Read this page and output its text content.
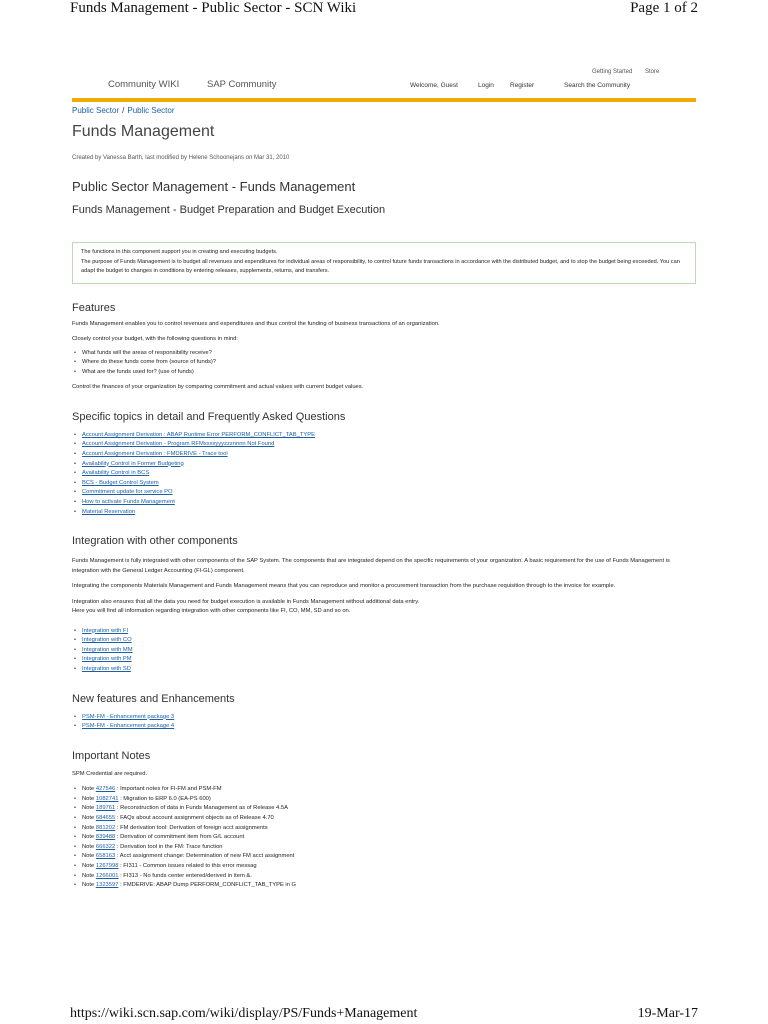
Funds Management - Public Sector - SCN Wiki	Page 1 of 2
Community WIKI	SAP Community
Getting Started Store
Welcome, Guest	Login Register	Search the Community
Public Sector / Public Sector
Funds Management
Created by Vanessa Barth, last modified by Helene Schoonejans on Mar 31, 2010
Public Sector Management - Funds Management
Funds Management - Budget Preparation and Budget Execution
The functions in this component support you in creating and executing budgets.
The purpose of Funds Management is to budget all revenues and expenditures for individual areas of responsibility, to control future funds transactions in accordance with the distributed budget, and to stop the budget being exceeded. You can adapt the budget to changes in conditions by entering releases, supplements, returns, and transfers.
Features

Funds Management enables you to control revenues and expenditures and thus control the funding of business transactions of an organization.

Closely control your budget, with the following questions in mind:

• What funds will the areas of responsibility receive?
• Where do these funds come from (source of funds)?
• What are the funds used for? (use of funds)

Control the finances of your organization by comparing commitment and actual values with current budget values.

Specific topics in detail and Frequently Asked Questions
• Account Assignment Derivation : ABAP Runtime Error PERFORM_CONFLICT_TAB_TYPE
• Account Assignment Derivation - Program RFMxxxxyyyzzznnnn Not Found
• Account Assignment Derivation : FMDERIVE - Trace tool
• Availability Control in Former Budgeting
• Availability Control in BCS
• BCS - Budget Control System
• Commitment update for service PO
• How to activate Funds Management
• Material Reservation
Integration with other components

Funds Management is fully integrated with other components of the SAP System. The components that are integrated depend on the specific requirements of your organization. A basic requirement for the use of Funds Management is integration with the General Ledger Accounting (FI-GL) component.

Integrating the components Materials Management and Funds Management means that you can reproduce and monitor a procurement transaction from the purchase requisition through to the invoice for example.

Integration also ensures that all the data you need for budget execution is available in Funds Management without additional data entry.
Here you will find all information regarding integration with other components like FI, CO, MM, SD and so on.

• Integration with FI
• Integration with CO
• Integration with MM
• Integration with PM
• Integration with SD
New features and Enhancements
• PSM-FM - Enhancement package 3
• PSM-FM - Enhancement package 4
Important Notes

SPM Credential are required.

• Note 427546 : Important notes for FI-FM and PSM-FM
• Note 1082741 : Migration to ERP 6.0 (EA-PS 600)
• Note 189761 : Reconstruction of data in Funds Management as of Release 4.5A
• Note 684655 : FAQs about account assignment objects as of Release 4.70
• Note 881202 : FM derivation tool: Derivation of foreign acct assignments
• Note 839488 : Derivation of commitment item from G/L account
• Note 666322 : Derivation tool in the FM: Trace function
• Note 658163 : Acct assignment change: Determination of new FM acct assignment
• Note 1267998 : FI311 - Common issues related to this error messag
• Note 1266001 : FI313 - No funds center entered/derived in item &.
• Note 1323597 : FMDERIVE: ABAP Dump PERFORM_CONFLICT_TAB_TYPE in G
https://wiki.scn.sap.com/wiki/display/PS/Funds+Management	19-Mar-17
